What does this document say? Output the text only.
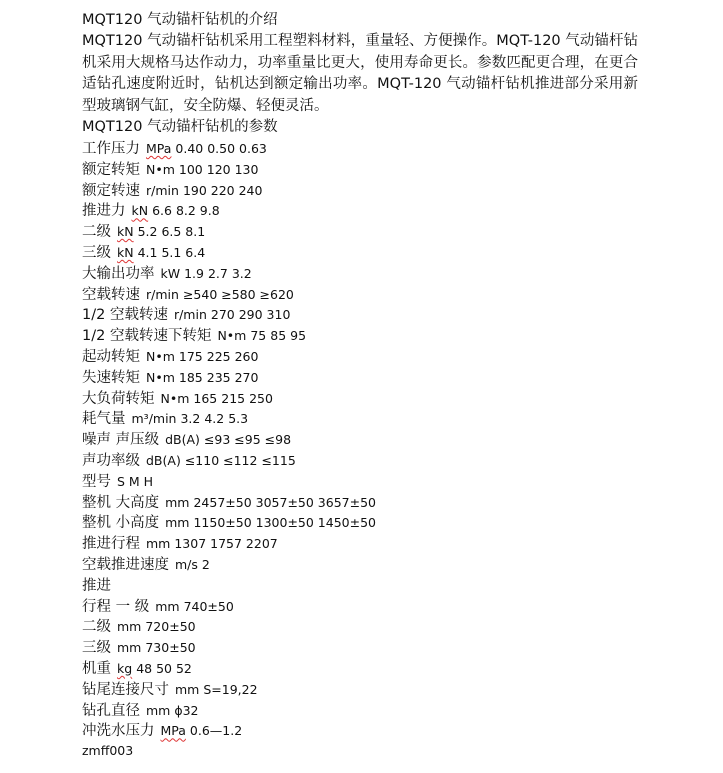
MQT120 气动锚杆钻机的介绍

MQT120 气动锚杆钻机采用工程塑料材料，重量轻、方便操作。MQT-120 气动锚杆钻机采用大规格马达作动力，功率重量比更大，使用寿命更长。参数匹配更合理，在更合适钻孔速度附近时，钻机达到额定输出功率。MQT-120 气动锚杆钻机推进部分采用新型玻璃钢气缸，安全防爆、轻便灵活。

MQT120 气动锚杆钻机的参数
工作压力 MPa 0.40 0.50 0.63
额定转矩 N•m 100 120 130
额定转速 r/min 190 220 240
推进力 kN 6.6 8.2 9.8
二级 kN 5.2 6.5 8.1
三级 kN 4.1 5.1 6.4
大输出功率 kW 1.9 2.7 3.2
空载转速 r/min ≥540 ≥580 ≥620
1/2 空载转速 r/min 270 290 310
1/2 空载转速下转矩 N•m 75 85 95
起动转矩 N•m 175 225 260
失速转矩 N•m 185 235 270
大负荷转矩 N•m 165 215 250
耗气量 m³/min 3.2 4.2 5.3
噪声 声压级 dB(A) ≤93 ≤95 ≤98
声功率级 dB(A) ≤110 ≤112 ≤115
型号 S M H
整机 大高度 mm 2457±50 3057±50 3657±50
整机 小高度 mm 1150±50 1300±50 1450±50
推进行程 mm 1307 1757 2207
空载推进速度 m/s 2
推进
行程 一 级 mm 740±50
二级 mm 720±50
三级 mm 730±50
机重 kg 48 50 52
钻尾连接尺寸 mm S=19,22
钻孔直径 mm ϕ32
冲洗水压力 MPa 0.6—1.2
zmff003
